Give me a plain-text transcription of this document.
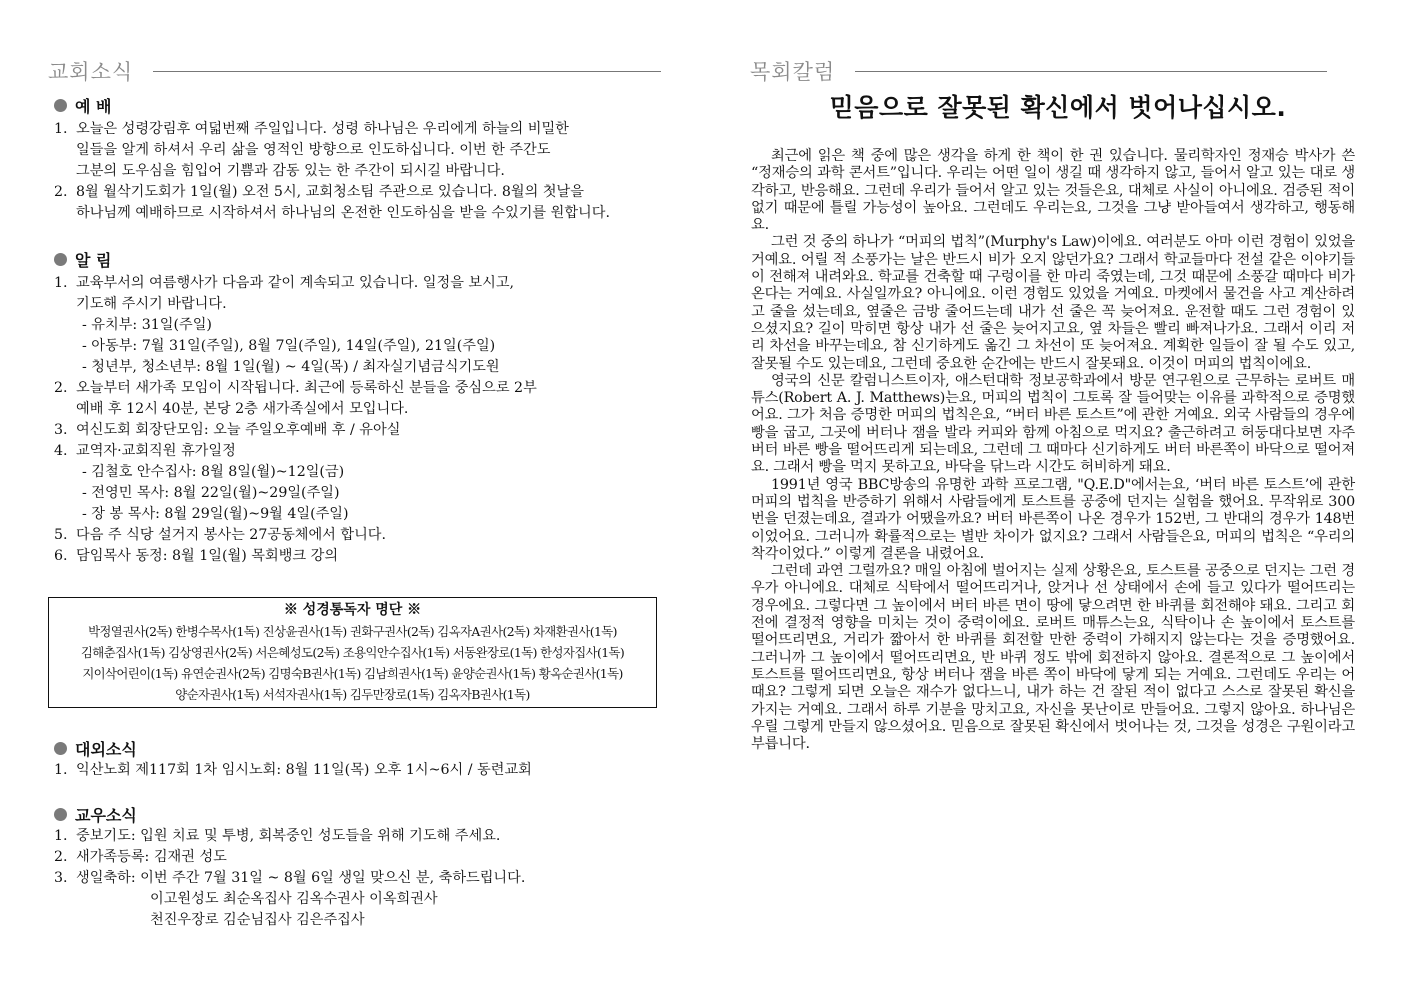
교회소식
예 배
1. 오늘은 성령강림후 여덟번째 주일입니다. 성령 하나님은 우리에게 하늘의 비밀한
일들을 알게 하셔서 우리 삶을 영적인 방향으로 인도하십니다. 이번 한 주간도
그분의 도우심을 힘입어 기쁨과 감동 있는 한 주간이 되시길 바랍니다.
2. 8월 월삭기도회가 1일(월) 오전 5시, 교회청소팀 주관으로 있습니다. 8월의 첫날을
하나님께 예배하므로 시작하셔서 하나님의 온전한 인도하심을 받을 수있기를 원합니다.
알 림
1. 교육부서의 여름행사가 다음과 같이 계속되고 있습니다. 일정을 보시고,
기도해 주시기 바랍니다.
- 유치부: 31일(주일)
- 아동부: 7월 31일(주일), 8월 7일(주일), 14일(주일), 21일(주일)
- 청년부, 청소년부: 8월 1일(월) ~ 4일(목) / 최자실기념금식기도원
2. 오늘부터 새가족 모임이 시작됩니다. 최근에 등록하신 분들을 중심으로 2부
예배 후 12시 40분, 본당 2층 새가족실에서 모입니다.
3. 여신도회 회장단모임: 오늘 주일오후예배 후 / 유아실
4. 교역자·교회직원 휴가일정
- 김철호 안수집사: 8월 8일(월)~12일(금)
- 전영민 목사: 8월 22일(월)~29일(주일)
- 장 봉 목사: 8월 29일(월)~9월 4일(주일)
5. 다음 주 식당 설거지 봉사는 27공동체에서 합니다.
6. 담임목사 동정: 8월 1일(월) 목회뱅크 강의
※ 성경통독자 명단 ※
박정열권사(2독) 한병수목사(1독) 진상윤권사(1독) 권화구권사(2독) 김옥자A권사(2독) 차재환권사(1독)
김해춘집사(1독) 김상영권사(2독) 서은혜성도(2독) 조용익안수집사(1독) 서동완장로(1독) 한성자집사(1독)
지이삭어린이(1독) 유연순권사(2독) 김명숙B권사(1독) 김남희권사(1독) 윤양순권사(1독) 황옥순권사(1독)
양순자권사(1독) 서석자권사(1독) 김두만장로(1독) 김옥자B권사(1독)
대외소식
1. 익산노회 제117회 1차 임시노회: 8월 11일(목) 오후 1시~6시 / 동련교회
교우소식
1. 중보기도: 입원 치료 및 투병, 회복중인 성도들을 위해 기도해 주세요.
2. 새가족등록: 김재권 성도
3. 생일축하: 이번 주간 7월 31일 ~ 8월 6일 생일 맞으신 분, 축하드립니다.
이고원성도 최순옥집사 김옥수권사 이옥희권사
천진우장로 김순님집사 김은주집사
목회칼럼
믿음으로 잘못된 확신에서 벗어나십시오.

최근에 읽은 책 중에 많은 생각을 하게 한 책이 한 권 있습니다. 물리학자인 정재승 박사가 쓴 “정재승의 과학 콘서트”입니다. 우리는 어떤 일이 생길 때 생각하지 않고, 들어서 알고 있는 대로 생각하고, 반응해요. 그런데 우리가 들어서 알고 있는 것들은요, 대체로 사실이 아니에요. 검증된 적이 없기 때문에 틀릴 가능성이 높아요. 그런데도 우리는요, 그것을 그냥 받아들여서 생각하고, 행동해요.

그런 것 중의 하나가 “머피의 법칙”(Murphy's Law)이에요. 여러분도 아마 이런 경험이 있었을 거예요. 어릴 적 소풍가는 날은 반드시 비가 오지 않던가요? 그래서 학교들마다 전설 같은 이야기들이 전해져 내려와요. 학교를 건축할 때 구렁이를 한 마리 죽였는데, 그것 때문에 소풍갈 때마다 비가 온다는 거예요. 사실일까요? 아니에요. 이런 경험도 있었을 거예요. 마켓에서 물건을 사고 계산하려고 줄을 섰는데요, 옆줄은 금방 줄어드는데 내가 선 줄은 꼭 늦어져요. 운전할 때도 그런 경험이 있으셨지요? 길이 막히면 항상 내가 선 줄은 늦어지고요, 옆 차들은 빨리 빠져나가요. 그래서 이리 저리 차선을 바꾸는데요, 참 신기하게도 옮긴 그 차선이 또 늦어져요. 계획한 일들이 잘 될 수도 있고, 잘못될 수도 있는데요, 그런데 중요한 순간에는 반드시 잘못돼요. 이것이 머피의 법칙이에요.

영국의 신문 칼럼니스트이자, 애스턴대학 정보공학과에서 방문 연구원으로 근무하는 로버트 매튜스(Robert A. J. Matthews)는요, 머피의 법칙이 그토록 잘 들어맞는 이유를 과학적으로 증명했어요. 그가 처음 증명한 머피의 법칙은요, “버터 바른 토스트”에 관한 거예요. 외국 사람들의 경우에 빵을 굽고, 그곳에 버터나 잼을 발라 커피와 함께 아침으로 먹지요? 출근하려고 허둥대다보면 자주 버터 바른 빵을 떨어뜨리게 되는데요, 그런데 그 때마다 신기하게도 버터 바른쪽이 바닥으로 떨어져요. 그래서 빵을 먹지 못하고요, 바닥을 닦느라 시간도 허비하게 돼요.

1991년 영국 BBC방송의 유명한 과학 프로그램, "Q.E.D"에서는요, ‘버터 바른 토스트’에 관한 머피의 법칙을 반증하기 위해서 사람들에게 토스트를 공중에 던지는 실험을 했어요. 무작위로 300번을 던졌는데요, 결과가 어땠을까요? 버터 바른쪽이 나온 경우가 152번, 그 반대의 경우가 148번이었어요. 그러니까 확률적으로는 별반 차이가 없지요? 그래서 사람들은요, 머피의 법칙은 “우리의 착각이었다.” 이렇게 결론을 내렸어요.

그런데 과연 그럴까요? 매일 아침에 벌어지는 실제 상황은요, 토스트를 공중으로 던지는 그런 경우가 아니에요. 대체로 식탁에서 떨어뜨리거나, 앉거나 선 상태에서 손에 들고 있다가 떨어뜨리는 경우에요. 그렇다면 그 높이에서 버터 바른 면이 땅에 닿으려면 한 바퀴를 회전해야 돼요. 그리고 회전에 결정적 영향을 미치는 것이 중력이에요. 로버트 매튜스는요, 식탁이나 손 높이에서 토스트를 떨어뜨리면요, 거리가 짧아서 한 바퀴를 회전할 만한 중력이 가해지지 않는다는 것을 증명했어요. 그러니까 그 높이에서 떨어뜨리면요, 반 바퀴 정도 밖에 회전하지 않아요. 결론적으로 그 높이에서 토스트를 떨어뜨리면요, 항상 버터나 잼을 바른 쪽이 바닥에 닿게 되는 거예요. 그런데도 우리는 어때요? 그렇게 되면 오늘은 재수가 없다느니, 내가 하는 건 잘된 적이 없다고 스스로 잘못된 확신을 가지는 거예요. 그래서 하루 기분을 망치고요, 자신을 못난이로 만들어요. 그렇지 않아요. 하나님은 우릴 그렇게 만들지 않으셨어요. 믿음으로 잘못된 확신에서 벗어나는 것, 그것을 성경은 구원이라고 부릅니다.
